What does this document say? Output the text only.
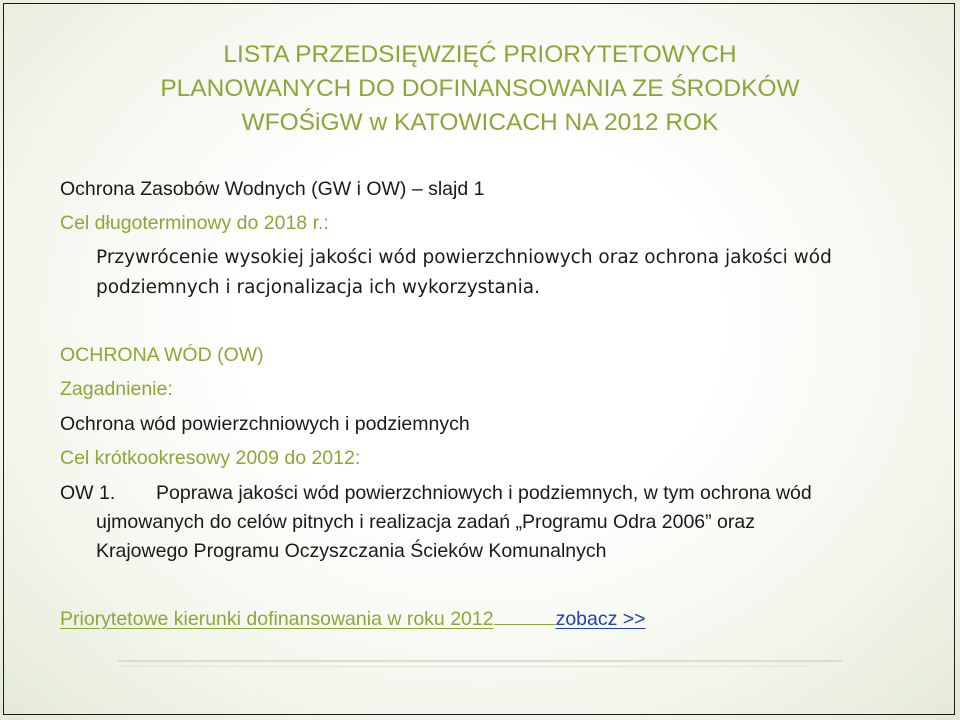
LISTA PRZEDSIĘWZIĘĆ PRIORYTETOWYCH
PLANOWANYCH DO DOFINANSOWANIA ZE ŚRODKÓW
WFOŚiGW w KATOWICACH NA 2012 ROK
Ochrona Zasobów Wodnych (GW i OW) – slajd 1
Cel długoterminowy do 2018 r.:
Przywrócenie wysokiej jakości wód powierzchniowych oraz ochrona jakości wód
podziemnych i racjonalizacja ich wykorzystania.
OCHRONA WÓD (OW)
Zagadnienie:
Ochrona wód powierzchniowych i podziemnych
Cel krótkookresowy 2009 do 2012:
OW 1. Poprawa jakości wód powierzchniowych i podziemnych, w tym ochrona wód
ujmowanych do celów pitnych i realizacja zadań „Programu Odra 2006” oraz
Krajowego Programu Oczyszczania Ścieków Komunalnych
Priorytetowe kierunki dofinansowania w roku 2012	zobacz >>
